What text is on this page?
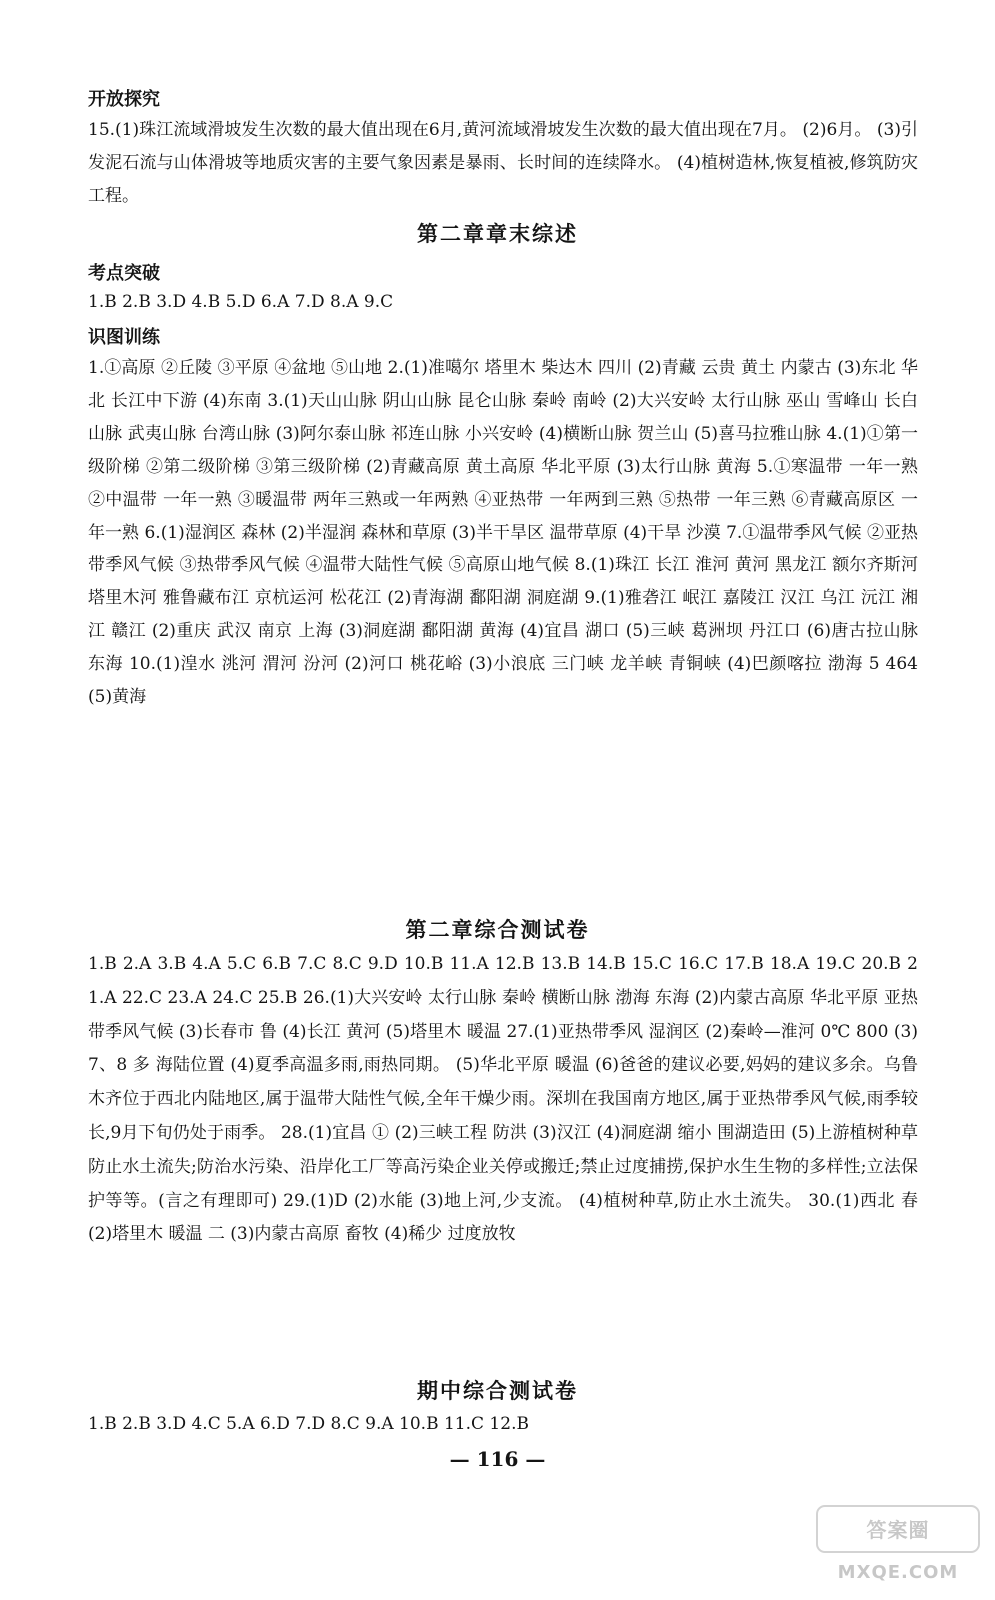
开放探究

15.(1)珠江流域滑坡发生次数的最大值出现在6月,黄河流域滑坡发生次数的最大值出现在7月。 (2)6月。 (3)引发泥石流与山体滑坡等地质灾害的主要气象因素是暴雨、长时间的连续降水。 (4)植树造林,恢复植被,修筑防灾工程。

第二章章末综述
考点突破

1.B 2.B 3.D 4.B 5.D 6.A 7.D 8.A 9.C

识图训练

1.①高原 ②丘陵 ③平原 ④盆地 ⑤山地 2.(1)准噶尔 塔里木 柴达木 四川 (2)青藏 云贵 黄土 内蒙古 (3)东北 华北 长江中下游 (4)东南 3.(1)天山山脉 阴山山脉 昆仑山脉 秦岭 南岭 (2)大兴安岭 太行山脉 巫山 雪峰山 长白山脉 武夷山脉 台湾山脉 (3)阿尔泰山脉 祁连山脉 小兴安岭 (4)横断山脉 贺兰山 (5)喜马拉雅山脉 4.(1)①第一级阶梯 ②第二级阶梯 ③第三级阶梯 (2)青藏高原 黄土高原 华北平原 (3)太行山脉 黄海 5.①寒温带 一年一熟 ②中温带 一年一熟 ③暖温带 两年三熟或一年两熟 ④亚热带 一年两到三熟 ⑤热带 一年三熟 ⑥青藏高原区 一年一熟 6.(1)湿润区 森林 (2)半湿润 森林和草原 (3)半干旱区 温带草原 (4)干旱 沙漠 7.①温带季风气候 ②亚热带季风气候 ③热带季风气候 ④温带大陆性气候 ⑤高原山地气候 8.(1)珠江 长江 淮河 黄河 黑龙江 额尔齐斯河 塔里木河 雅鲁藏布江 京杭运河 松花江 (2)青海湖 鄱阳湖 洞庭湖 9.(1)雅砻江 岷江 嘉陵江 汉江 乌江 沅江 湘江 赣江 (2)重庆 武汉 南京 上海 (3)洞庭湖 鄱阳湖 黄海 (4)宜昌 湖口 (5)三峡 葛洲坝 丹江口 (6)唐古拉山脉 东海 10.(1)湟水 洮河 渭河 汾河 (2)河口 桃花峪 (3)小浪底 三门峡 龙羊峡 青铜峡 (4)巴颜喀拉 渤海 5 464 (5)黄海

第二章综合测试卷

1.B 2.A 3.B 4.A 5.C 6.B 7.C 8.C 9.D 10.B 11.A 12.B 13.B 14.B 15.C 16.C 17.B 18.A 19.C 20.B 21.A 22.C 23.A 24.C 25.B 26.(1)大兴安岭 太行山脉 秦岭 横断山脉 渤海 东海 (2)内蒙古高原 华北平原 亚热带季风气候 (3)长春市 鲁 (4)长江 黄河 (5)塔里木 暖温 27.(1)亚热带季风 湿润区 (2)秦岭—淮河 0℃ 800 (3)7、8 多 海陆位置 (4)夏季高温多雨,雨热同期。 (5)华北平原 暖温 (6)爸爸的建议必要,妈妈的建议多余。乌鲁木齐位于西北内陆地区,属于温带大陆性气候,全年干燥少雨。深圳在我国南方地区,属于亚热带季风气候,雨季较长,9月下旬仍处于雨季。 28.(1)宜昌 ① (2)三峡工程 防洪 (3)汉江 (4)洞庭湖 缩小 围湖造田 (5)上游植树种草防止水土流失;防治水污染、沿岸化工厂等高污染企业关停或搬迁;禁止过度捕捞,保护水生生物的多样性;立法保护等等。(言之有理即可) 29.(1)D (2)水能 (3)地上河,少支流。 (4)植树种草,防止水土流失。 30.(1)西北 春 (2)塔里木 暖温 二 (3)内蒙古高原 畜牧 (4)稀少 过度放牧

期中综合测试卷

1.B 2.B 3.D 4.C 5.A 6.D 7.D 8.C 9.A 10.B 11.C 12.B

— 116 —
答案圈
MXQE.COM
